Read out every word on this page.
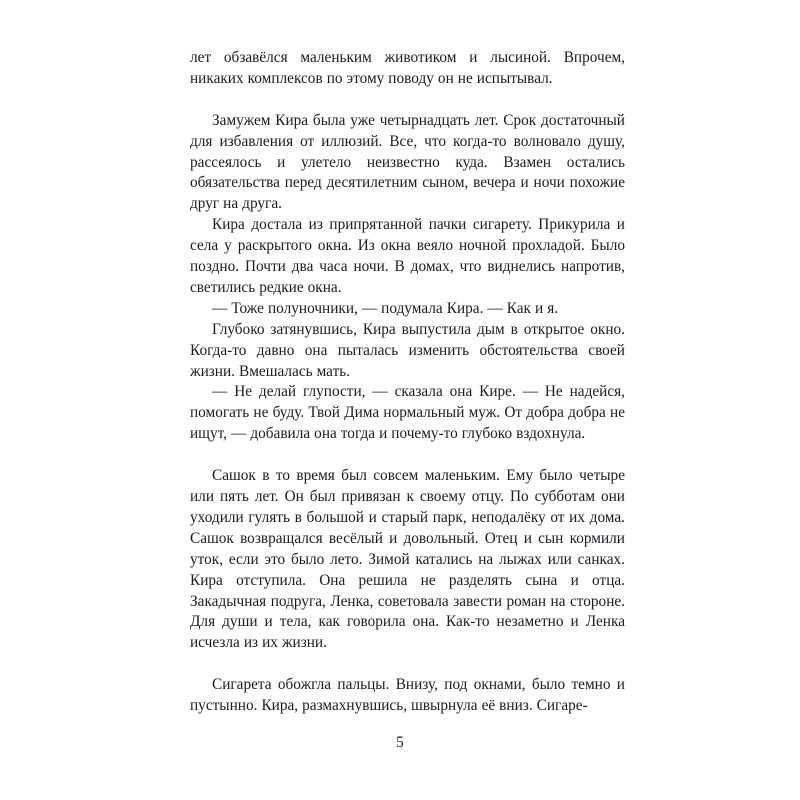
лет обзавёлся маленьким животиком и лысиной. Впрочем, никаких комплексов по этому поводу он не испытывал.

Замужем Кира была уже четырнадцать лет. Срок достаточный для избавления от иллюзий. Все, что когда-то волновало душу, рассеялось и улетело неизвестно куда. Взамен остались обязательства перед десятилетним сыном, вечера и ночи похожие друг на друга.

Кира достала из припрятанной пачки сигарету. Прикурила и села у раскрытого окна. Из окна веяло ночной прохладой. Было поздно. Почти два часа ночи. В домах, что виднелись напротив, светились редкие окна.

— Тоже полуночники, — подумала Кира. — Как и я.

Глубоко затянувшись, Кира выпустила дым в открытое окно. Когда-то давно она пыталась изменить обстоятельства своей жизни. Вмешалась мать.

— Не делай глупости, — сказала она Кире. — Не надейся, помогать не буду. Твой Дима нормальный муж. От добра добра не ищут, — добавила она тогда и почему-то глубоко вздохнула.

Сашок в то время был совсем маленьким. Ему было четыре или пять лет. Он был привязан к своему отцу. По субботам они уходили гулять в большой и старый парк, неподалёку от их дома. Сашок возвращался весёлый и довольный. Отец и сын кормили уток, если это было лето. Зимой катались на лыжах или санках. Кира отступила. Она решила не разделять сына и отца. Закадычная подруга, Ленка, советовала завести роман на стороне. Для души и тела, как говорила она. Как-то незаметно и Ленка исчезла из их жизни.

Сигарета обожгла пальцы. Внизу, под окнами, было темно и пустынно. Кира, размахнувшись, швырнула её вниз. Сигаре-

5
